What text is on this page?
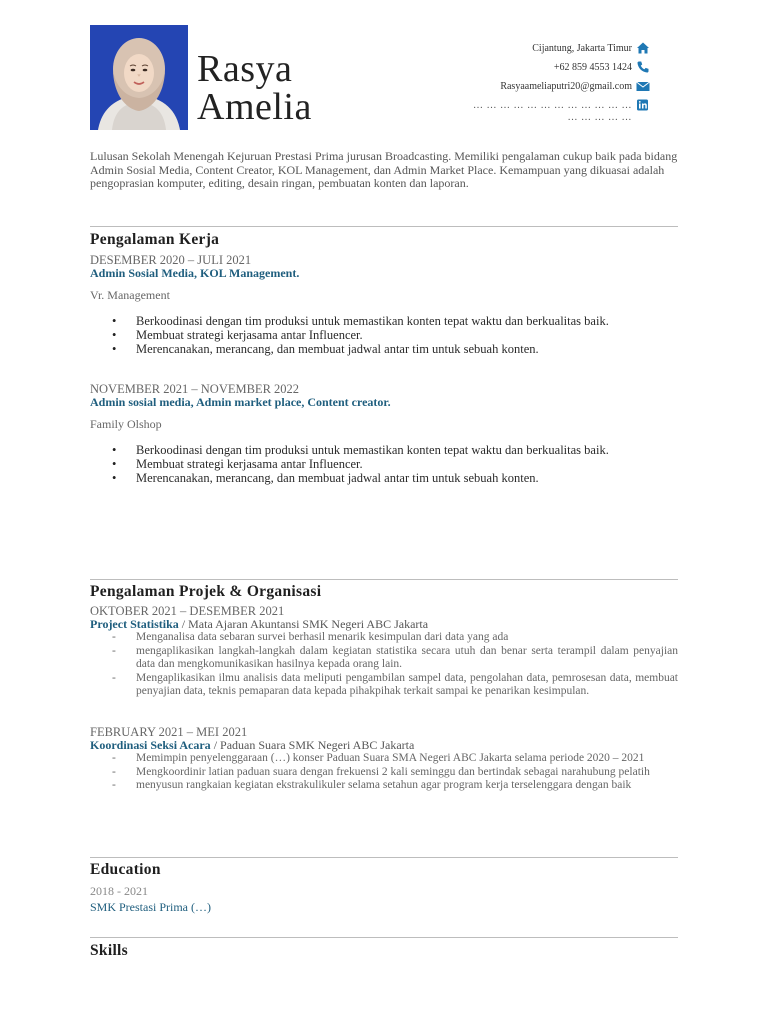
Rasya
Amelia
Cijantung, Jakarta Timur
+62 859 4553 1424
Rasyaameliaputri20@gmail.com
… … … … … … … … … … … …
… … … … …
Lulusan Sekolah Menengah Kejuruan Prestasi Prima jurusan Broadcasting. Memiliki pengalaman cukup baik pada bidang Admin Sosial Media, Content Creator, KOL Management, dan Admin Market Place. Kemampuan yang dikuasai adalah pengoprasian komputer, editing, desain ringan, pembuatan konten dan laporan.
Pengalaman Kerja
DESEMBER 2020 – JULI 2021
Admin Sosial Media, KOL Management.
Vr. Management
• Berkoodinasi dengan tim produksi untuk memastikan konten tepat waktu dan berkualitas baik.
• Membuat strategi kerjasama antar Influencer.
• Merencanakan, merancang, dan membuat jadwal antar tim untuk sebuah konten.
NOVEMBER 2021 – NOVEMBER 2022
Admin sosial media, Admin market place, Content creator.
Family Olshop
• Berkoodinasi dengan tim produksi untuk memastikan konten tepat waktu dan berkualitas baik.
• Membuat strategi kerjasama antar Influencer.
• Merencanakan, merancang, dan membuat jadwal antar tim untuk sebuah konten.
Pengalaman Projek & Organisasi
OKTOBER 2021 – DESEMBER 2021
Project Statistika / Mata Ajaran Akuntansi SMK Negeri ABC Jakarta
- Menganalisa data sebaran survei berhasil menarik kesimpulan dari data yang ada
- mengaplikasikan langkah-langkah dalam kegiatan statistika secara utuh dan benar serta terampil dalam penyajian data dan mengkomunikasikan hasilnya kepada orang lain.
- Mengaplikasikan ilmu analisis data meliputi pengambilan sampel data, pengolahan data, pemrosesan data, membuat penyajian data, teknis pemaparan data kepada pihakpihak terkait sampai ke penarikan kesimpulan.
FEBRUARY 2021 – MEI 2021
Koordinasi Seksi Acara / Paduan Suara SMK Negeri ABC Jakarta
- Memimpin penyelenggaraan (…) konser Paduan Suara SMA Negeri ABC Jakarta selama periode 2020 – 2021
- Mengkoordinir latian paduan suara dengan frekuensi 2 kali seminggu dan bertindak sebagai narahubung pelatih
- menyusun rangkaian kegiatan ekstrakulikuler selama setahun agar program kerja terselenggara dengan baik
Education
2018 - 2021
SMK Prestasi Prima (…)
Skills
